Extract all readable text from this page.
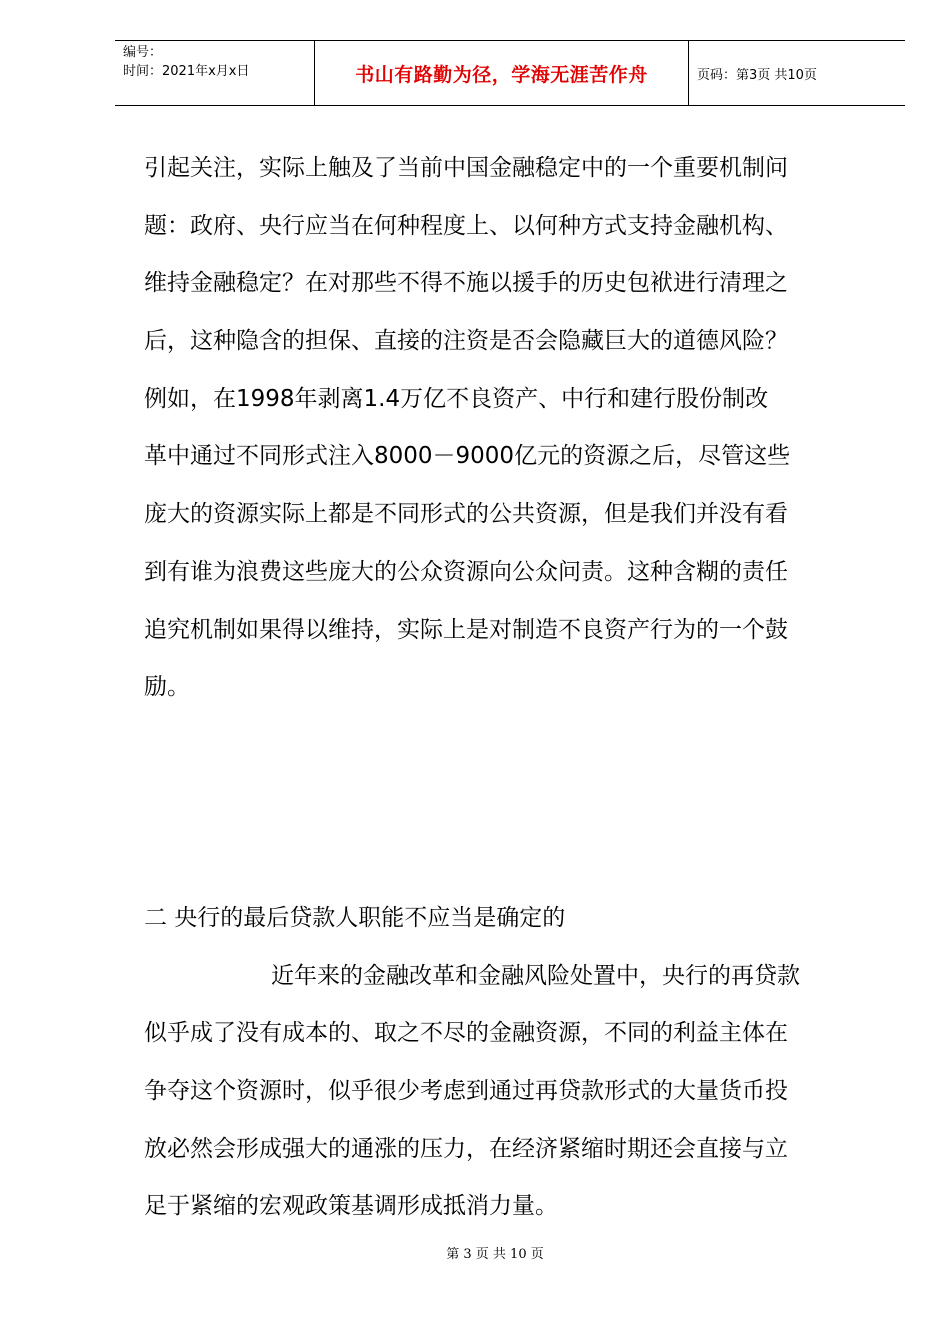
编号：
时间：2021年x月x日	书山有路勤为径，学海无涯苦作舟	页码：第3页 共10页
引起关注，实际上触及了当前中国金融稳定中的一个重要机制问
题：政府、央行应当在何种程度上、以何种方式支持金融机构、
维持金融稳定？在对那些不得不施以援手的历史包袱进行清理之
后，这种隐含的担保、直接的注资是否会隐藏巨大的道德风险？
例如，在1998年剥离1.4万亿不良资产、中行和建行股份制改
革中通过不同形式注入8000－9000亿元的资源之后，尽管这些
庞大的资源实际上都是不同形式的公共资源，但是我们并没有看
到有谁为浪费这些庞大的公众资源向公众问责。这种含糊的责任
追究机制如果得以维持，实际上是对制造不良资产行为的一个鼓
励。
二 央行的最后贷款人职能不应当是确定的
近年来的金融改革和金融风险处置中，央行的再贷款
似乎成了没有成本的、取之不尽的金融资源，不同的利益主体在
争夺这个资源时，似乎很少考虑到通过再贷款形式的大量货币投
放必然会形成强大的通涨的压力，在经济紧缩时期还会直接与立
足于紧缩的宏观政策基调形成抵消力量。
第 3 页 共 10 页
